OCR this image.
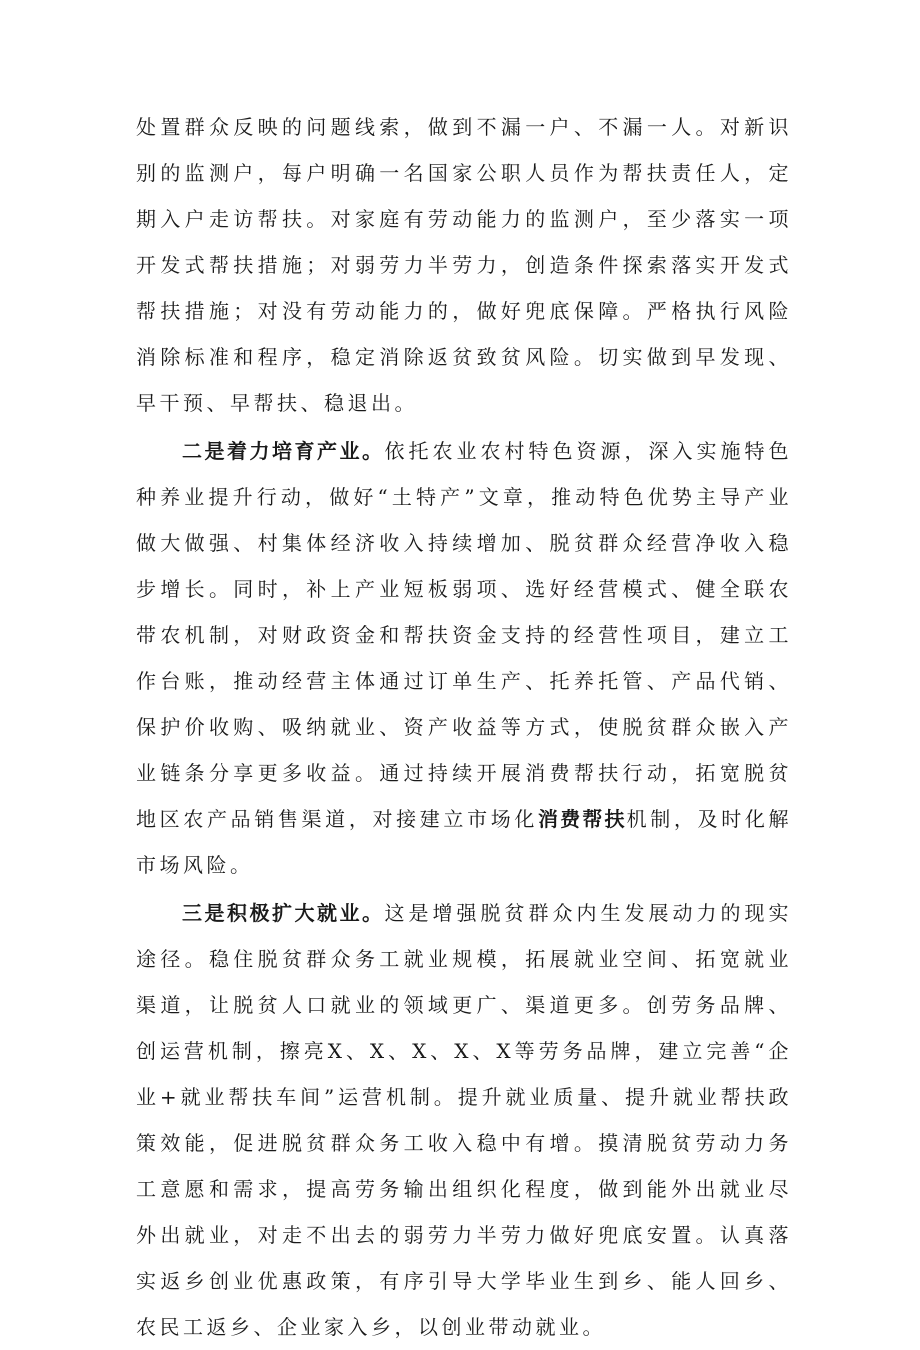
处置群众反映的问题线索，做到不漏一户、不漏一人。对新识别的监测户，每户明确一名国家公职人员作为帮扶责任人，定期入户走访帮扶。对家庭有劳动能力的监测户，至少落实一项开发式帮扶措施；对弱劳力半劳力，创造条件探索落实开发式帮扶措施；对没有劳动能力的，做好兜底保障。严格执行风险消除标准和程序，稳定消除返贫致贫风险。切实做到早发现、早干预、早帮扶、稳退出。

二是着力培育产业。依托农业农村特色资源，深入实施特色种养业提升行动，做好“土特产”文章，推动特色优势主导产业做大做强、村集体经济收入持续增加、脱贫群众经营净收入稳步增长。同时，补上产业短板弱项、选好经营模式、健全联农带农机制，对财政资金和帮扶资金支持的经营性项目，建立工作台账，推动经营主体通过订单生产、托养托管、产品代销、保护价收购、吸纳就业、资产收益等方式，使脱贫群众嵌入产业链条分享更多收益。通过持续开展消费帮扶行动，拓宽脱贫地区农产品销售渠道，对接建立市场化消费帮扶机制，及时化解市场风险。

三是积极扩大就业。这是增强脱贫群众内生发展动力的现实途径。稳住脱贫群众务工就业规模，拓展就业空间、拓宽就业渠道，让脱贫人口就业的领域更广、渠道更多。创劳务品牌、创运营机制，擦亮X、X、X、X、X等劳务品牌，建立完善“企业+就业帮扶车间”运营机制。提升就业质量、提升就业帮扶政策效能，促进脱贫群众务工收入稳中有增。摸清脱贫劳动力务工意愿和需求，提高劳务输出组织化程度，做到能外出就业尽外出就业，对走不出去的弱劳力半劳力做好兜底安置。认真落实返乡创业优惠政策，有序引导大学毕业生到乡、能人回乡、农民工返乡、企业家入乡，以创业带动就业。
